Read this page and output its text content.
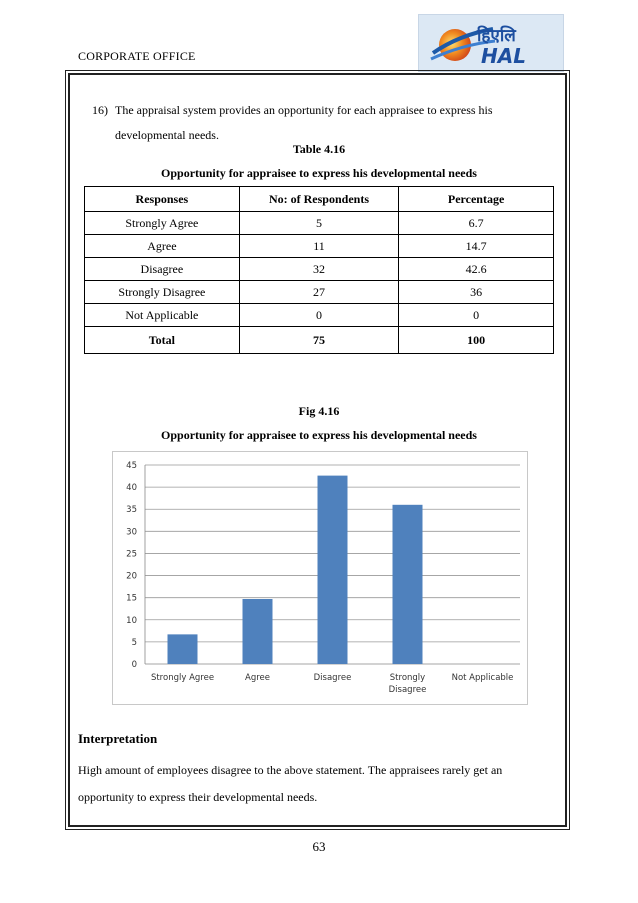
CORPORATE OFFICE
हिएलि
HAL
16) The appraisal system provides an opportunity for each appraisee to express his
developmental needs.
Table 4.16
Opportunity for appraisee to express his developmental needs
Responses	No: of Respondents	Percentage
Strongly Agree	5	6.7
Agree	11	14.7
Disagree	32	42.6
Strongly Disagree	27	36
Not Applicable	0	0
Total	75	100
Fig 4.16
Opportunity for appraisee to express his developmental needs
0
5
10
15
20
25
30
35
40
45
Strongly Agree	Agree	Disagree	Strongly Disagree
Not Applicable
Interpretation
High amount of employees disagree to the above statement. The appraisees rarely get an
opportunity to express their developmental needs.
63
